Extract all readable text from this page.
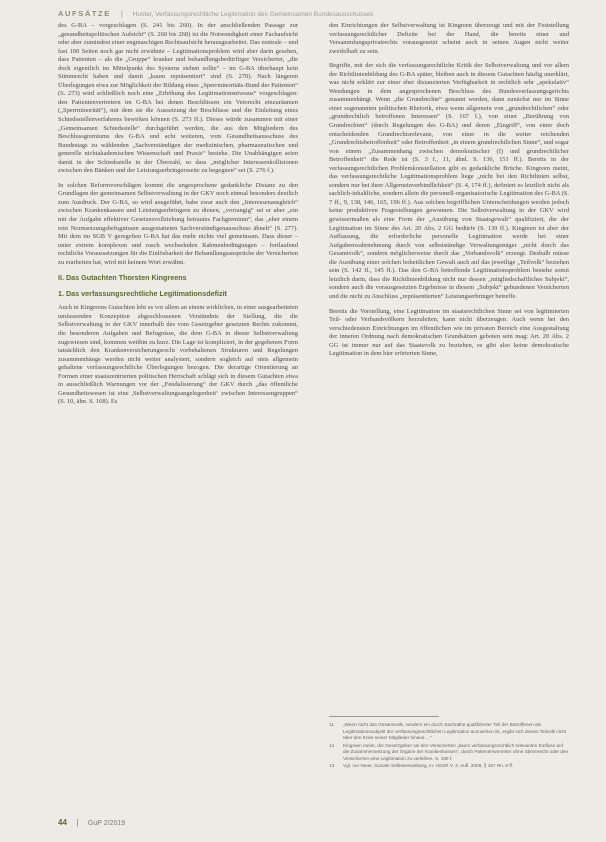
AUFSÄTZE | Huster, Verfassungsrechtliche Legitimation des Gemeinsamen Bundesausschusses

des G-BA – vorgeschlagen (S. 241 bis 260). In der anschließenden Passage zur „gesundheitspolitischen Aufsicht“ (S. 260 bis 268) ist die Notwendigkeit einer Fachaufsicht oder aber zumindest einer engmaschigen Rechtsaufsicht herausgearbeitet. Das zentrale – und fast 100 Seiten noch gar nicht erwähnte – Legitimationsproblem wird aber darin gesehen, dass Patienten – als die „Gruppe“ kranker und behandlungsbedürftiger Versicherter, „die doch eigentlich im Mittelpunkt des Systems stehen sollte“ – im G-BA überhaupt kein Stimmrecht haben und damit „kaum repräsentiert“ sind (S. 270). Nach längeren Überlegungen etwa zur Möglichkeit der Bildung eines „Sperrminoritäts-Bund der Patienten“ (S. 273) wird schließlich noch eine „Erhöhung des Legitimationsniveaus“ vorgeschlagen: den Patientenvertretern im G-BA bei denen Beschlüssen ein Vetorecht einzuräumen („Sperrminorität“), mit dem sie die Aussetzung der Beschlüsse und die Einleitung eines Schiedsstellenverfahrens bewirken können (S. 273 ff.). Dieses würde zusammen mit einer „Gemeinsamen Schiedsstelle“ durchgeführt werden, die aus den Mitgliedern des Beschlussgremiums des G-BA und acht weiteren, vom Gesundheitsausschuss des Bundestags zu wählenden „Sachverständigen der medizinischen, pharmazeutischen und generelle nichtakademischen Wissenschaft und Praxis“ bestehe. Die Unabhängigen seien damit in der Schiedsstelle in der Überzahl, so dass „möglicher Interessenkollisionen zwischen den Bänken und der Leistungserbringersseite zu begegnen“ sei (S. 276 f.).

In solchen Reformvorschlägen kommt die ungesprochene gedankliche Distanz zu den Grundlagen der gemeinsamen Selbstverwaltung in der GKV noch einmal besonders deutlich zum Ausdruck. Der G-BA, so wird ausgeführt, habe zwar auch den „Interessenausgleich“ zwischen Krankenkassen und Leistungserbringern zu dienen, „vorrangig“ sei er aber „ein mit der Aufgabe effektiver Gesetzesvollziehung betrautes Fachgremium“, das „eher einem rein Normsetzungsbefugnissen ausgestatteten Sachverständigenausschuss ähnelt“ (S. 277). Mit dem im SGB V geregelten G-BA hat das mehr nichts viel gemeinsam. Dass dieser – unter extrem komplexen und rasch wechselnden Rahmenbedingungen – fortlaufend rechtliche Voraussetzungen für die Einlösbarkeit der Behandlungsansprüche der Versicherten zu erarbeiten hat, wird mit keinem Wort erwähnt.

II. Das Gutachten Thorsten Kingreens
1. Das verfassungsrechtliche Legitimationsdefizit

Auch in Kingreens Gutachten lebt es vor allem an einem wirklichen, in einer ausgearbeiteten umfassenden Konzeption abgeschlossenen Verständnis der Stellung, die die Selbstverwaltung in der GKV innerhalb des vom Gesetzgeber gesetzten Rechts zukommt, die besonderen Aufgaben und Befugnisse, die dem G-BA in dieser Selbstverwaltung zugewiesen sind, kommen weithin zu kurz. Die Lage ist kompliziert, in der gegebenen Form tatsächlich den Krankenversicherungsrecht vorbehaltenen Strukturen und Regelungen zusammenhänge werden nicht weiter analysiert, sondern sogleich auf stets allgemein gehaltene verfassungsrechtliche Überlegungen bezogen. Die derartige Orientierung an Formen einer staatszentrierten politischen Herrschaft schlägt sich in diesem Gutachten etwa in ausschließlich Warnungen vor der „Feudalisierung“ der GKV durch „das öffentliche Gesundheitswesen ist eine ,Selbstverwaltungsangelegenheit‘ zwischen Interessengruppen“ (S. 10, ähn. S. 168). Es

den Einrichtungen der Selbstverwaltung ist Kingreen überzeugt und mit der Feststellung verfassungsrechtlicher Defizite bei der Hand, die bereits einer und Versammlungsprivatrechts vorausgesetzt scheint auch in seinen Augen nicht weiter zweifelhaft zu sein.

Begriffe, mit der sich die verfassungsrechtliche Kritik der Selbstverwaltung und vor allem der Richtlinienbildung des G-BA später, bleiben auch in diesem Gutachten häufig unerklärt, was nicht erklärt zur einer eher distanzierten Verfügbarkeit in rechtlich sehr „spekulativ“ Wendungen in dem angesprochenen Beschluss des Bundesverfassungsgerichts zusammenhängt. Wenn „die Grundrechte“ genannt werden, dann zunächst nur im Sinne einer sogenannten politischen Rhetorik, etwa wenn allgemein von „grundrechtlichen“ oder „grundrechtlich betroffenen Interessen“ (S. 167 f.), von einer „Berührung von Grundrechten“ (durch Regelungen des G-BA) und deren „Eingriff“, von einer doch entscheidenden Grundrechtsrelevanz, von einer in die weiter reichenden „Grundrechtsbetroffenheit“ oder Betroffenheit „in einem grundrechtlichen Sinne“, und sogar von einem „Zusammenhang zwischen demokratischer (I) und grundrechtlicher Betroffenheit“ die Rede ist (S. 3 f., 11, ähnl. S. 136, 151 ff.). Bereits in der verfassungsrechtlichen Problemkonstellation gibt es gedankliche Brüche. Kingreen meint, das verfassungsrechtliche Legitimationsproblem liege „nicht bei den Richtlinien selbst, sondern nur bei ihrer Allgemeinverbindlichkeit“ (S. 4, 174 ff.), definiert es letztlich nicht als sachlich-inhaltliche, sondern allein die personell-organisatorische Legitimation des G-BA (S. 7 ff., 9, 138, 146, 165, 196 ff.). Aus solchen begrifflichen Unterscheidungen werden jedoch keine produktiven Fragestellungen gewonnen. Die Selbstverwaltung in der GKV wird gewissermaßen als eine Form der „Ausübung von Staatsgewalt“ qualifiziert, die der Legitimation im Sinne des Art. 20 Abs. 2 GG bedürfe (S. 139 ff.). Kingreen ist aber der Auffassung, die erforderliche personelle Legitimation werde bei einer Aufgabenwahrnehmung durch von selbstständige Verwaltungsträger „nicht durch das Gesamtvolk“, sondern möglicherweise durch das „Verbandsvolk“ erzeugt. Deshalb müsse die Ausübung einer solchen hoheitlichen Gewalt auch auf das jeweilige „Teilvolk“ beziehen sein (S. 142 ff., 145 ff.). Das den G-BA betreffende Legitimationsproblem bestehe somit letztlich darin, dass die Richtlinienbildung nicht nur dessen „mitgliedschaftliches Subjekt“, sondern auch die vorausgesetzten Ergebnisse in diesem „Subjekt“ gebundenen Versicherten und die nicht zu Anschluss „repräsentierten“ Leistungserbringer betreffe.

Bereits die Vorstellung, eine Legitimation im staatsrechtlichen Sinne sei von legitimierten Teil- oder Verbandsvölkern herzuleiten, kann nicht überzeugen. Auch wenn bei den verschiedensten Einrichtungen im öffentlichen wie im privaten Bereich eine Ausgestaltung der inneren Ordnung nach demokratischen Grundsätzen geboten sein mag: Art. 20 Abs. 2 GG ist immer nur auf das Staatsvolk zu beziehen, es gibt also keine demokratische Legitimation in dem hier erörterten Sinne,

11	„Wenn nicht das Gesamtvolk, sondern ein durch Sachnähe qualifizierter Teil der Betroffenen als Legitimationssubjekt der verfassungsrechtlichen Legitimation anzusehen ist, ergibt sich dieses Teilvolk nicht über den Kreis seiner Mitglieder hinaus …“
12	Kingreen meint, der Gesetzgeber sei den Versicherten „kaum verfassungsrechtlich relevanten Einfluss auf die Zusammensetzung der Organe der Krankenkassen“, durch Patientenvertreter ohne Stimmrecht oder den Versicherten eine Legitimation zu verleihen, S. 190 f.
13	Vgl. nur Neue, Soziale Selbstverwaltung, in: HSSR V, 3. Aufl. 2008, § 157 Rn. 8 ff.
44 | GuP 2/2019
